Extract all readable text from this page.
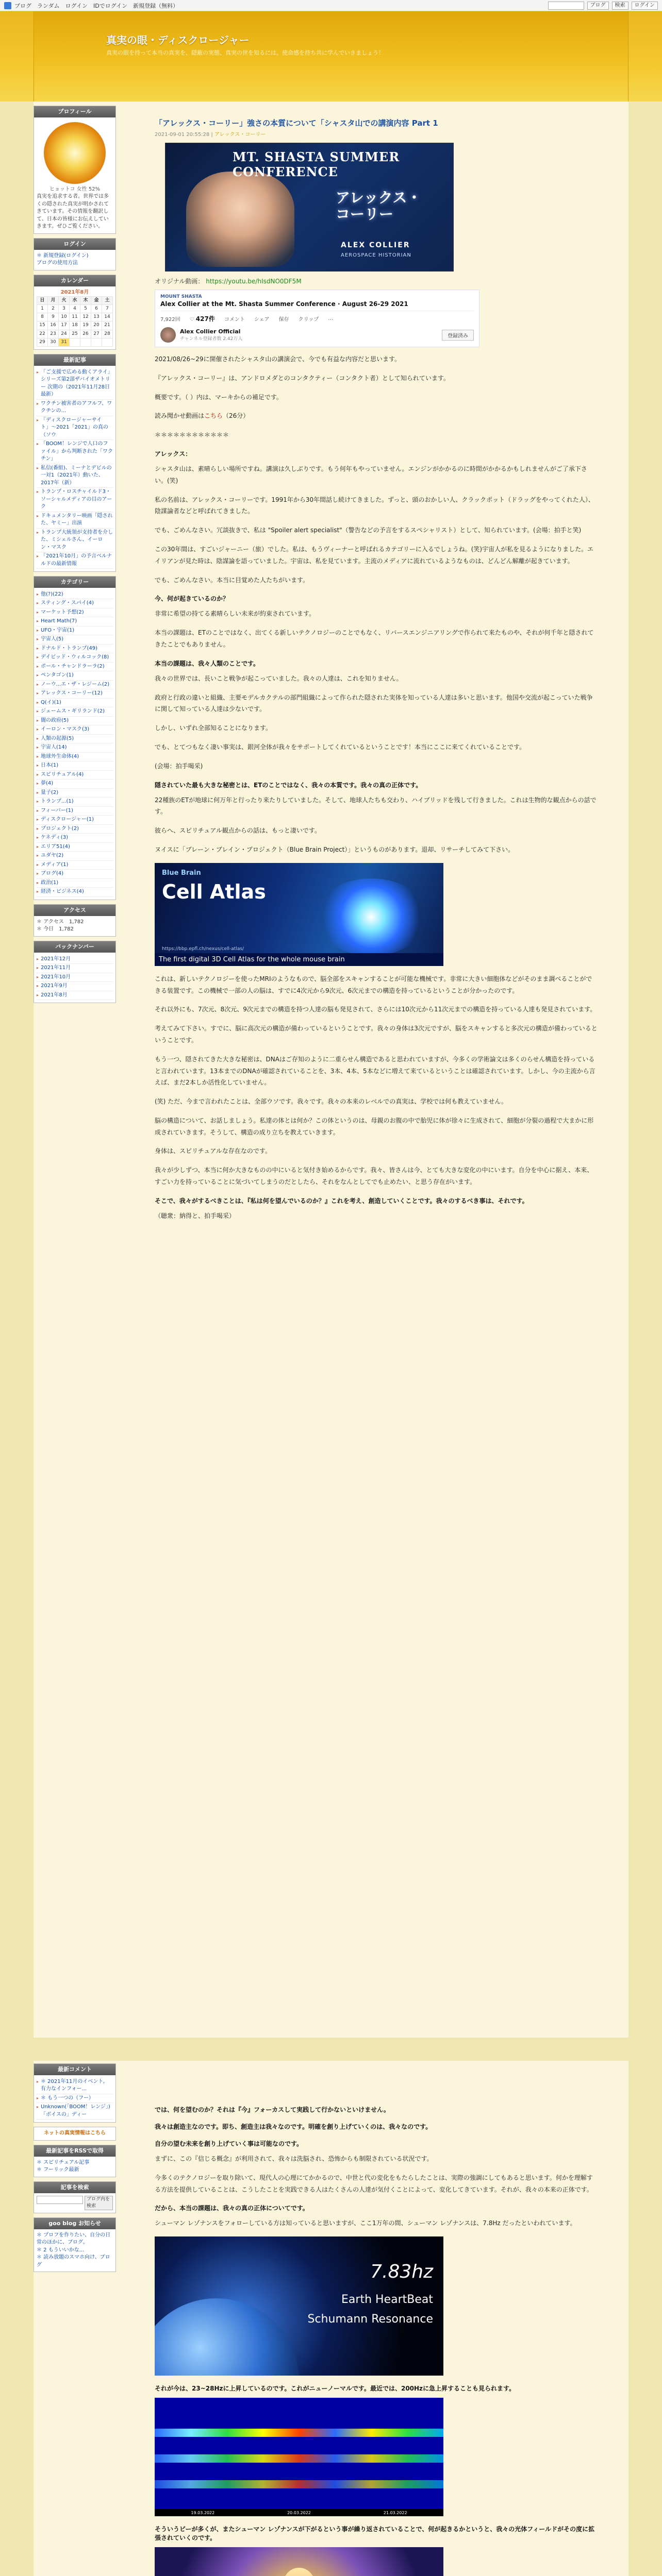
ブログ　ランダム　ログイン　IDでログイン　新規登録（無料）	ブログ	検索	ログイン
真実の眼・ディスクロージャー
真実の眼を持って本当の真実を、隠蔽の実態、真実の世を知るには。使命感を持ち共に学んでいきましょう！
プロフィール
ヒョットコ 女性 52%
真実を追求する者。世界では多くの隠された真実が明かされてきています。その情報を翻訳して、日本の皆様にお伝えしていきます。ぜひご覧ください。
ログイン
＊ 新規登録(ログイン)
ブログの使用方法
カレンダー
2021年8月
日	月	火	水	木	金	土
1	2	3	4	5	6	7
8	9	10	11	12	13	14
15	16	17	18	19	20	21
22	23	24	25	26	27	28
29	30	31				
最新記事
▸ 「ご支援で広める動くアライ」シリーズ第2部ザバイオメトリー 次期の（2021年11月28日最新）
▸ ワクチン被害者のアフルフ、ワクチンの...
▸ 「ディスクロージャーサイト」〜2021「2021」の真の（ソウ
▸ 「BOOM！レンジで人口のファイル」から判断された「ワクチン」
▸ 私信(番組)、ミーナとデビルの一対1（2021年）動いた、2017年（新）
▸ トランプ・ロスチャイルド3・ソーシャルメディアの目のアーク
▸ ドキュメンタリー映画「隠された、ヤミー」出演
▸ トランプ大統領が支持者を介した、ミシェルさん、イーロン・マスク
▸ 「2021年10月」の予言ベルナルドの最新情報
カテゴリー
▸ 他(?)(22)
▸ スティング・スパイ(4)
▸ マーケット予想(2)
▸ Heart Math(7)
▸ UFO・宇宙(1)
▸ 宇宙人(5)
▸ ドナルド・トランプ(49)
▸ デイビッド・ウィルコック(8)
▸ ポール・チャンドラーラ(2)
▸ ペンタゴン(1)
▸ ノーウ...エ・ザ・レジーム(2)
▸ アレックス・コーリー(12)
▸ Q(イ)(1)
▸ ジェームス・ギリランド(2)
▸ 闇の政府(5)
▸ イーロン・マスク(3)
▸ 人類の起源(5)
▸ 宇宙人(14)
▸ 地球外生命体(4)
▸ 日本(1)
▸ スピリチュアル(4)
▸ 夢(4)
▸ 量子(2)
▸ トランプ...(1)
▸ フィーバー(1)
▸ ディスクロージャー(1)
▸ プロジェクト(2)
▸ ケネディ(3)
▸ エリア51(4)
▸ ユダヤ(2)
▸ メディア(1)
▸ ブログ(4)
▸ 政治(1)
▸ 経済・ビジネス(4)
アクセス
＊ アクセス　1,782
＊ 今日　1,782
バックナンバー
▸ 2021年12月
▸ 2021年11月
▸ 2021年10月
▸ 2021年9月
▸ 2021年8月
「アレックス・コーリー」強さの本質について「シャスタ山での講演内容 Part 1
2021-09-01 20:55:28 | アレックス・コーリー
MT. SHASTA SUMMER CONFERENCE
アレックス・
コーリー
ALEX COLLIER
AEROSPACE HISTORIAN
オリジナル動画： https://youtu.be/hIsdNO0DF5M
MOUNT SHASTA
Alex Collier at the Mt. Shasta Summer Conference · August 26-29 2021
7,922回 ♡ 427件 コメント シェア 保存 クリップ …
Alex Collier Official
チャンネル登録者数 2.42万人
登録済み

2021/08/26~29に開催されたシャスタ山の講演会で、今でも有益な内容だと思います。

『アレックス・コーリー』は、アンドロメダとのコンタクティー（コンタクト者）として知られています。

概要です。（ ）内は、マーキからの補足です。

読み聞かせ動画はこちら（26分）

＊＊＊＊＊＊＊＊＊＊＊＊

アレックス：

シャスタ山は、素晴らしい場所ですね。講演は久しぶりです。もう何年もやっていません。エンジンがかかるのに時間がかかるかもしれませんがご了承下さい。(笑)

私の名前は、アレックス・コーリーです。1991年から30年間話し続けてきました。ずっと、頭のおかしい人、クラックポット（ドラッグをやってくれた人）、陰謀論者などと呼ばれてきました。

でも、ごめんなさい。冗談抜きで、私は "Spoiler alert specialist"（警告などの予言をするスペシャリスト）として、知られています。(会場：拍手と笑)

この30年間は、すごいジャーニー（旅）でした。私は、もうヴィーナーと呼ばれるカテゴリーに入るでしょうね。(笑)宇宙人が私を見るようになりました。エイリアンが見た時は、陰謀論を語っていました。宇宙は、私を見ています。主流のメディアに流れているようなものは、どんどん解離が起きています。

でも、ごめんなさい。本当に目覚めた人たちがいます。

今、何が起きているのか？

非常に希望の持てる素晴らしい未来が約束されています。

本当の課題は、ETのことではなく、出てくる新しいテクノロジーのことでもなく、リバースエンジニアリングで作られて来たものや、それが何千年と隠されてきたことでもありません。

本当の課題は、我々人類のことです。

我々の世界では、長いこと戦争が起こっていました。我々の人達は、これを知りません。

政府と行政の違いと組織、主要モデルカクテルの部門組織によって作られた隠された実体を知っている人達は多いと思います。他国や交流が起こっていた戦争に関して知っている人達は少ないです。

しかし、いずれ全部知ることになります。

でも、とてつもなく凄い事実は、銀河全体が我々をサポートしてくれているということです！本当にここに来てくれていることです。

(会場：拍手喝采)

隠されていた最も大きな秘密とは、ETのことではなく、我々の本質です。我々の真の正体です。

22種族のETが地球に何万年と行ったり来たりしていました。そして、地球人たちも交わり、ハイブリッドを残して行きました。これは生物的な観点からの話です。

彼らへ、スピリチュアル観点からの話は、もっと凄いです。

ヌイスに「ブレーン・ブレイン・プロジェクト（Blue Brain Project）」というものがあります。退却、リサーチしてみて下さい。

Blue Brain
Cell Atlas
https://bbp.epfl.ch/nexus/cell-atlas/
The first digital 3D Cell Atlas for the whole mouse brain

これは、新しいテクノロジーを使ったMRIのようなもので、脳全部をスキャンすることが可能な機械です。非常に大きい細胞体などがそのまま調べることができる装置です。この機械で一部の人の脳は、すでに4次元から9次元、6次元までの構造を持っているということが分かったのです。

それ以外にも、7次元、8次元、9次元までの構造を持つ人達の脳も発見されて、さらには10次元から11次元までの構造を持っている人達も発見されています。

考えてみて下さい。すでに、脳に高次元の構造が備わっているということです。我々の身体は3次元ですが、脳をスキャンすると多次元の構造が備わっているということです。

もう一つ、隠されてきた大きな秘密は、DNAはご存知のように二重らせん構造であると思われていますが、今多くの学術論文は多くのらせん構造を持っていると言われています。13本までのDNAが確認されていることを、3本、4本、5本などに増えて来ているということは確認されています。しかし、今の主流から言えば、まだ2本しか活性化していません。

(笑) ただ、今まで言われたことは、全部ウソです。我々です。我々の本来のレベルでの真実は、学校では何も教えていません。

脳の構造について、お話しましょう。私達の体とは何か？この体というのは、母親のお腹の中で胎児に体が徐々に生成されて、細胞が分裂の過程で大まかに形成されていきます。そうして、構造の成り立ちを教えていきます。

身体は、スピリチュアルな存在なのです。

我々が少しずつ、本当に何か大きなものの中にいると気付き始めるからです。我々、皆さんは今、とても大きな変化の中にいます。自分を中心に据え、本来、すごい力を持っていることに気づいてしまうのだとしたら、それをなんとしてでも止めたい、と思う存在がいます。

そこで、我々がするべきことは、『私は何を望んでいるのか？』これを考え、創造していくことです。我々のするべき事は、それです。

（聴衆：納得と、拍手喝采）

最新コメント
▸ ＊ 2021年11月のイベント。有力なインフォー...
▸ ＊ もう一つの（フー）
▸ Unknown(「BOOM！レンジ」)「ボイスの」ディー
ネットの真実情報はこちら
最新記事をRSSで取得
＊ スピリチュアル記事
＊ フーリック最新
記事を検索
ブログ内を検索
goo blog お知らせ
＊ プロフを作りたい、自分の日常のほかに、ブログ。
＊ 2 もういいかな...
＊ 読み放題のスマホ向け、ブログ
では、何を望むのか？それは『今』フォーカスして実践して行かないといけません。
我々は創造主なのです。即ち、創造主は我々なのです。明確を創り上げていくのは、我々なのです。
自分の望む未来を創り上げていく事は可能なのです。

まずに、この『信じる概念』が利用されて、我々は洗脳され、恐怖からも制限されている状況です。

今多くのテクノロジーを取り除いて、現代人の心理にてかかるので、中世と代の変化をもたらしたことは、実際の強調にしてもあると思います。何かを理解する方法を提供していることは、こうしたことを実践できる人はたくさんの人達が気付くことによって、変化してきています。それが、我々の本来の正体です。

だから、本当の課題は、我々の真の正体についてです。

シューマン レゾナンスをフォローしている方は知っていると思いますが、ここ1万年の間、シューマン レゾナンスは、7.8Hz だったといわれています。

7.83hz
Earth HeartBeat
Schumann Resonance
それが今は、23~28Hzに上昇しているのです。これがニューノーマルです。最近では、200Hzに急上昇することも見られます。
19.03.2022	20.03.2022	21.03.2022
そういうビーが多くが、またシューマン レゾナンスが下がるという事が繰り返されていることで、何が起きるかというと、我々の光体フィールドがその度に拡張されていくのです。
